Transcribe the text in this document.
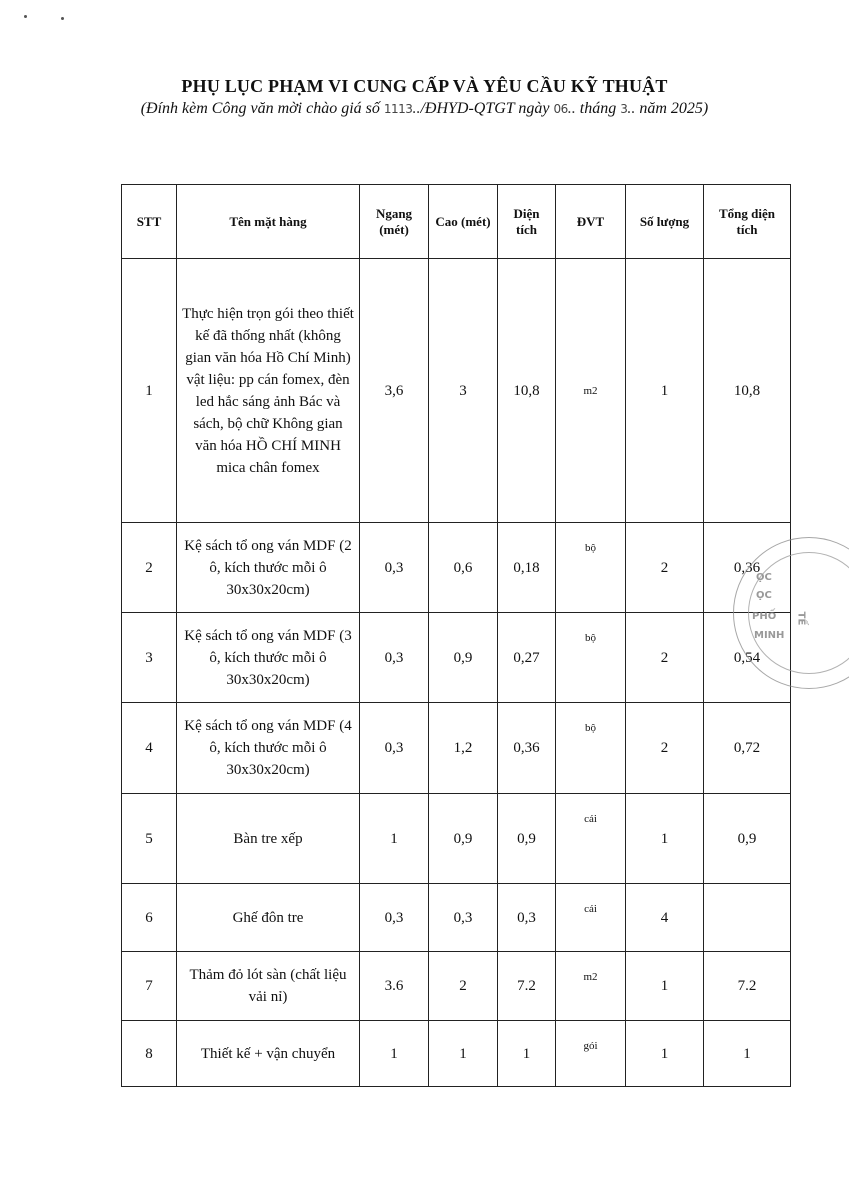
PHỤ LỤC PHẠM VI CUNG CẤP VÀ YÊU CẦU KỸ THUẬT
(Đính kèm Công văn mời chào giá số 1113../ĐHYD-QTGT ngày 06.. tháng 3.. năm 2025)
STT	Tên mặt hàng	Ngang (mét)	Cao (mét)	Diện tích	ĐVT	Số lượng	Tổng diện tích
1	Thực hiện trọn gói theo thiết kế đã thống nhất (không gian văn hóa Hồ Chí Minh) vật liệu: pp cán fomex, đèn led hắc sáng ảnh Bác và sách, bộ chữ Không gian văn hóa HỒ CHÍ MINH mica chân fomex	3,6	3	10,8	m2	1	10,8
2	Kệ sách tổ ong ván MDF (2 ô, kích thước mỗi ô 30x30x20cm)	0,3	0,6	0,18	bộ	2	0,36
3	Kệ sách tổ ong ván MDF (3 ô, kích thước mỗi ô 30x30x20cm)	0,3	0,9	0,27	bộ	2	0,54
4	Kệ sách tổ ong ván MDF (4 ô, kích thước mỗi ô 30x30x20cm)	0,3	1,2	0,36	bộ	2	0,72
5	Bàn tre xếp	1	0,9	0,9	cái	1	0,9
6	Ghế đôn tre	0,3	0,3	0,3	cái	4	
7	Thảm đỏ lót sàn (chất liệu vải nỉ)	3.6	2	7.2	m2	1	7.2
8	Thiết kế + vận chuyển	1	1	1	gói	1	1
ỌC
ỌC
PHỐ
MINH
TẾ
